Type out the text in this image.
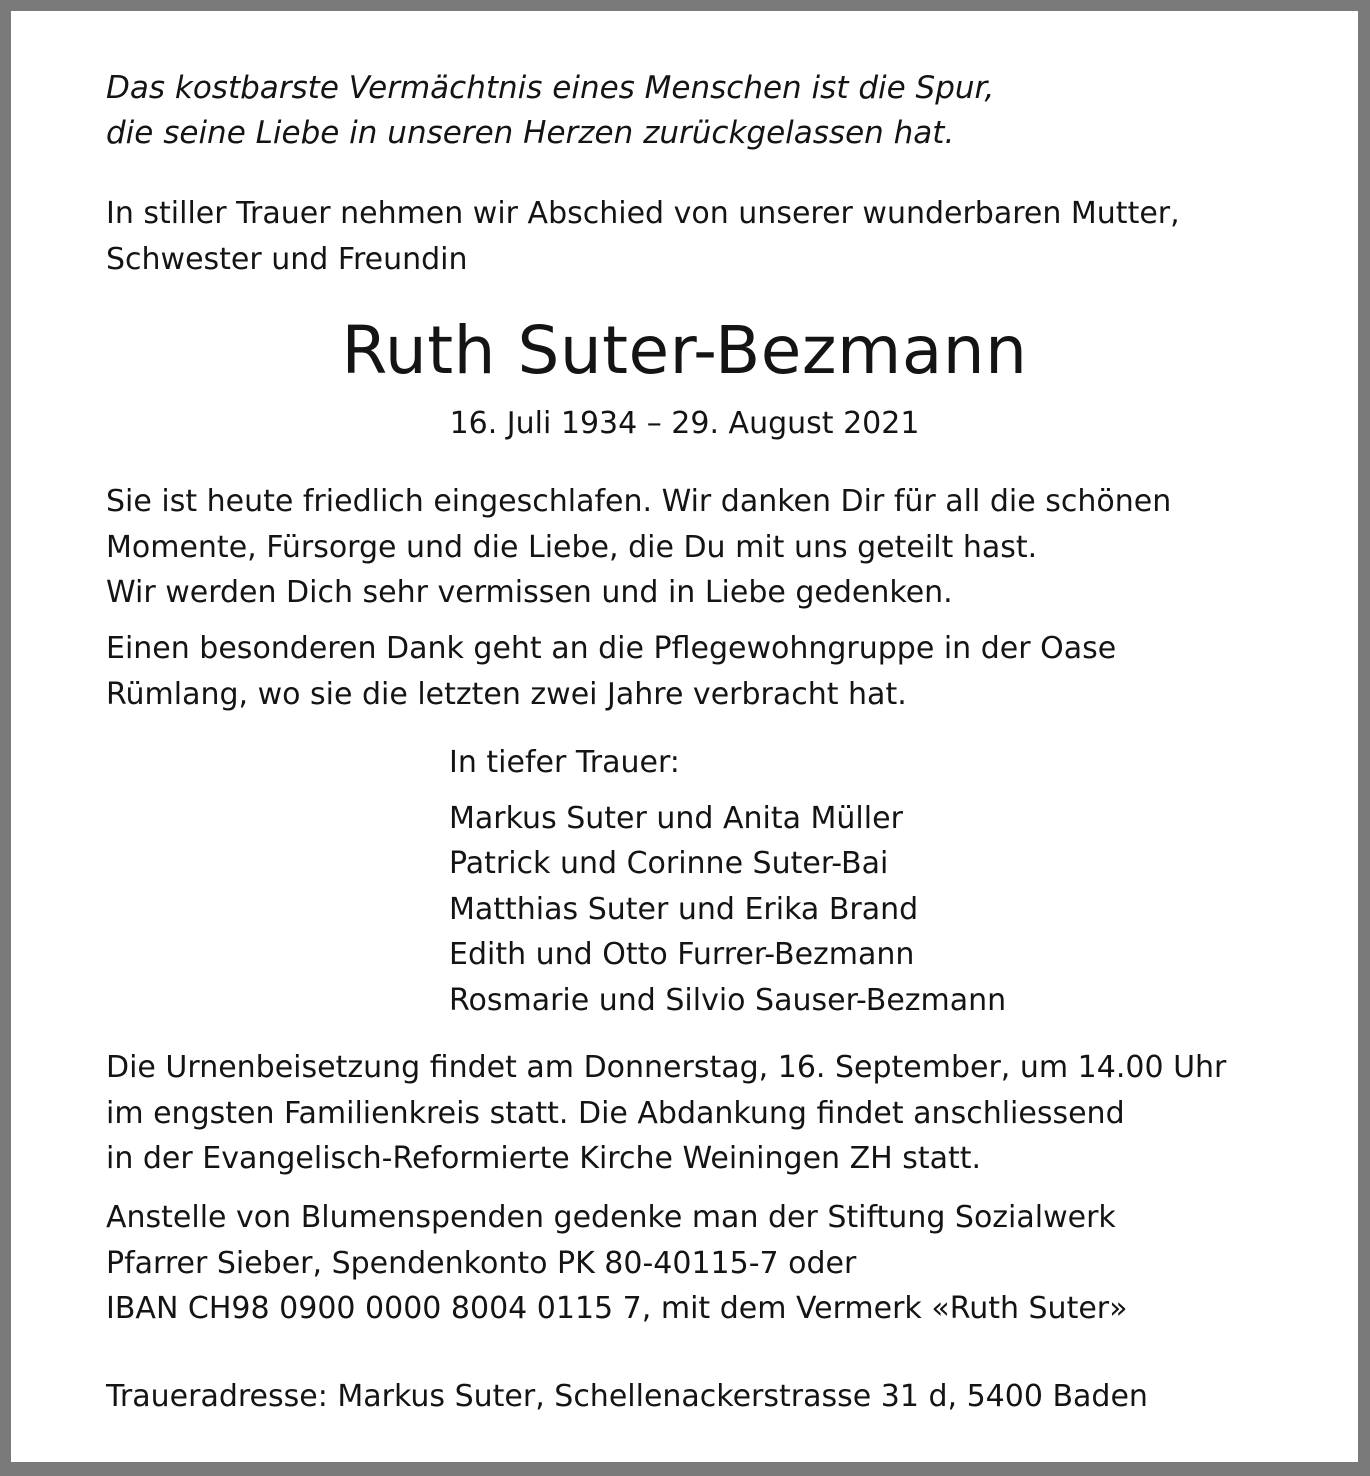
Das kostbarste Vermächtnis eines Menschen ist die Spur,
die seine Liebe in unseren Herzen zurückgelassen hat.
In stiller Trauer nehmen wir Abschied von unserer wunderbaren Mutter,
Schwester und Freundin
Ruth Suter-Bezmann
16. Juli 1934 – 29. August 2021
Sie ist heute friedlich eingeschlafen. Wir danken Dir für all die schönen
Momente, Fürsorge und die Liebe, die Du mit uns geteilt hast.
Wir werden Dich sehr vermissen und in Liebe gedenken.
Einen besonderen Dank geht an die Pflegewohngruppe in der Oase
Rümlang, wo sie die letzten zwei Jahre verbracht hat.
In tiefer Trauer:
Markus Suter und Anita Müller
Patrick und Corinne Suter-Bai
Matthias Suter und Erika Brand
Edith und Otto Furrer-Bezmann
Rosmarie und Silvio Sauser-Bezmann
Die Urnenbeisetzung findet am Donnerstag, 16. September, um 14.00 Uhr
im engsten Familienkreis statt. Die Abdankung findet anschliessend
in der Evangelisch-Reformierte Kirche Weiningen ZH statt.
Anstelle von Blumenspenden gedenke man der Stiftung Sozialwerk
Pfarrer Sieber, Spendenkonto PK 80-40115-7 oder
IBAN CH98 0900 0000 8004 0115 7, mit dem Vermerk «Ruth Suter»
Traueradresse: Markus Suter, Schellenackerstrasse 31 d, 5400 Baden
